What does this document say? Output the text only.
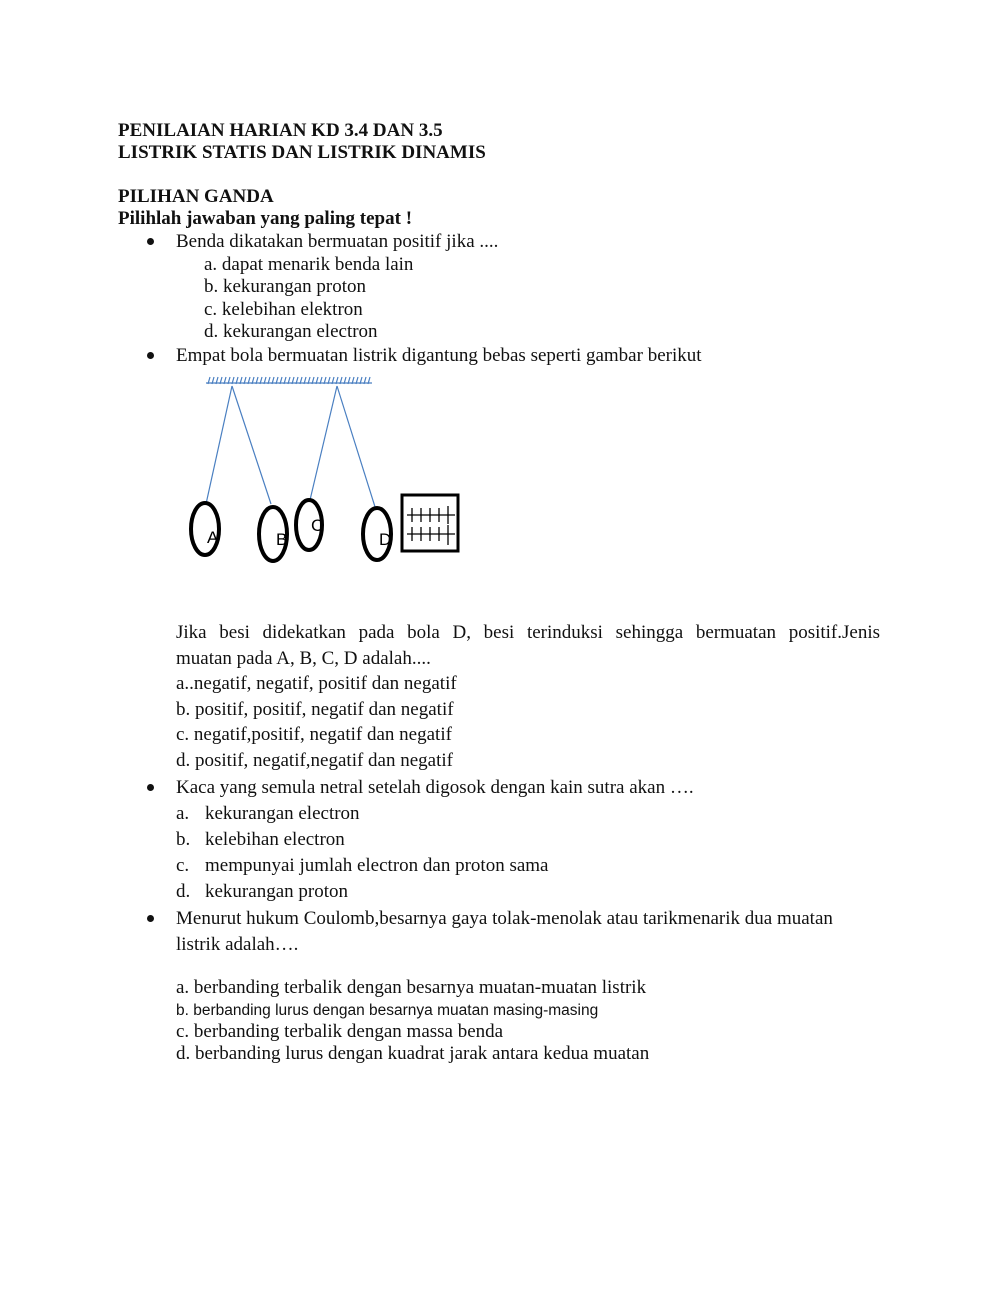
PENILAIAN HARIAN KD 3.4 DAN 3.5
LISTRIK STATIS DAN LISTRIK DINAMIS
PILIHAN GANDA
Pilihlah jawaban yang paling tepat !
Benda dikatakan bermuatan positif jika ....
a. dapat menarik benda lain
b. kekurangan proton
c. kelebihan elektron
d. kekurangan electron
Empat bola bermuatan listrik digantung bebas seperti gambar berikut
A	B
C
D
Jika besi didekatkan pada bola D, besi terinduksi sehingga bermuatan positif.Jenis
muatan pada A, B, C, D adalah....
a..negatif, negatif, positif dan negatif
b. positif, positif, negatif dan negatif
c. negatif,positif, negatif dan negatif
d. positif, negatif,negatif dan negatif
Kaca yang semula netral setelah digosok dengan kain sutra akan ….
a. kekurangan electron
b. kelebihan electron
c. mempunyai jumlah electron dan proton sama
d. kekurangan proton
Menurut hukum Coulomb,besarnya gaya tolak-menolak atau tarikmenarik dua muatan
listrik adalah….
a. berbanding terbalik dengan besarnya muatan-muatan listrik
b. berbanding lurus dengan besarnya muatan masing-masing
c. berbanding terbalik dengan massa benda
d. berbanding lurus dengan kuadrat jarak antara kedua muatan
